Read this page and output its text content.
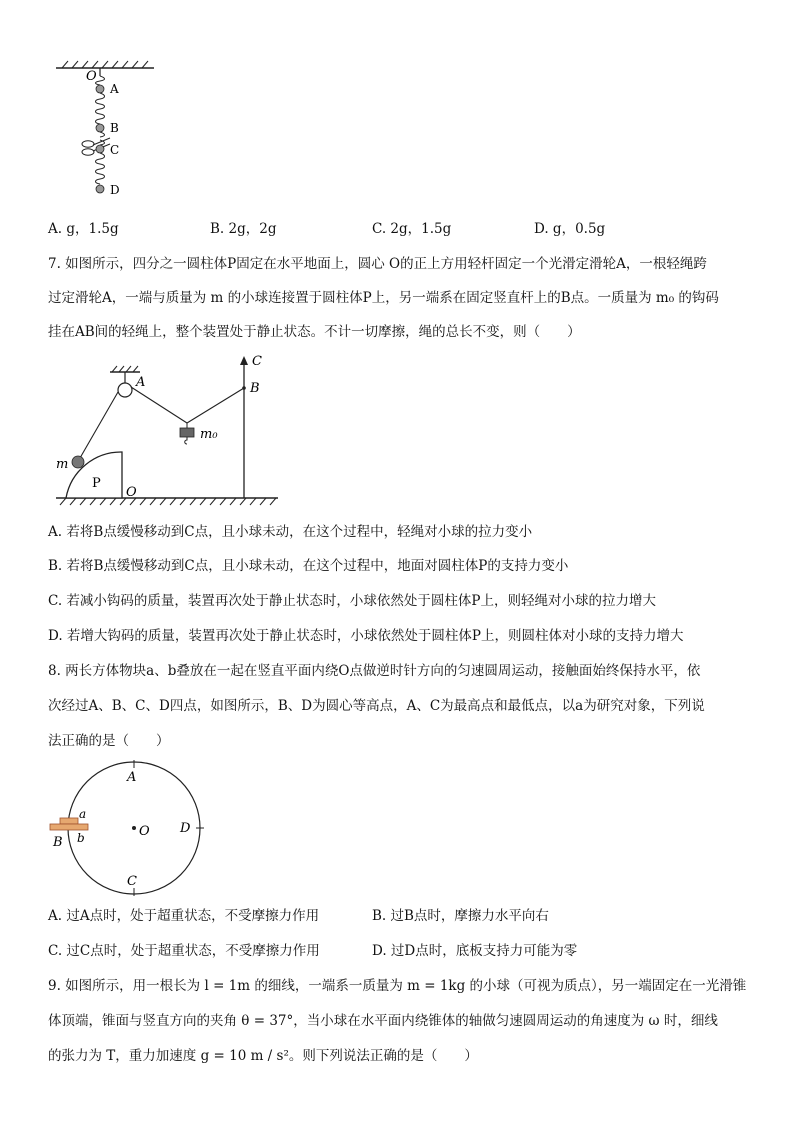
O
A
B
C
D
A. g，1.5g	B. 2g，2g	C. 2g，1.5g	D. g，0.5g
7. 如图所示，四分之一圆柱体P固定在水平地面上，圆心 O的正上方用轻杆固定一个光滑定滑轮A，一根轻绳跨
过定滑轮A，一端与质量为 m 的小球连接置于圆柱体P上，另一端系在固定竖直杆上的B点。一质量为 m₀ 的钩码
挂在AB间的轻绳上，整个装置处于静止状态。不计一切摩擦，绳的总长不变，则（　　）
P
O
A
m
m₀
C
B
A. 若将B点缓慢移动到C点，且小球未动，在这个过程中，轻绳对小球的拉力变小
B. 若将B点缓慢移动到C点，且小球未动，在这个过程中，地面对圆柱体P的支持力变小
C. 若减小钩码的质量，装置再次处于静止状态时，小球依然处于圆柱体P上，则轻绳对小球的拉力增大
D. 若增大钩码的质量，装置再次处于静止状态时，小球依然处于圆柱体P上，则圆柱体对小球的支持力增大
8. 两长方体物块a、b叠放在一起在竖直平面内绕O点做逆时针方向的匀速圆周运动，接触面始终保持水平，依
次经过A、B、C、D四点，如图所示，B、D为圆心等高点，A、C为最高点和最低点，以a为研究对象，下列说
法正确的是（　　）
A
C
D
O
a
b
B
A. 过A点时，处于超重状态，不受摩擦力作用	B. 过B点时，摩擦力水平向右
C. 过C点时，处于超重状态，不受摩擦力作用	D. 过D点时，底板支持力可能为零
9. 如图所示，用一根长为 l = 1m 的细线，一端系一质量为 m = 1kg 的小球（可视为质点），另一端固定在一光滑锥
体顶端，锥面与竖直方向的夹角 θ = 37°，当小球在水平面内绕锥体的轴做匀速圆周运动的角速度为 ω 时，细线
的张力为 T，重力加速度 g = 10 m / s²。则下列说法正确的是（　　）
